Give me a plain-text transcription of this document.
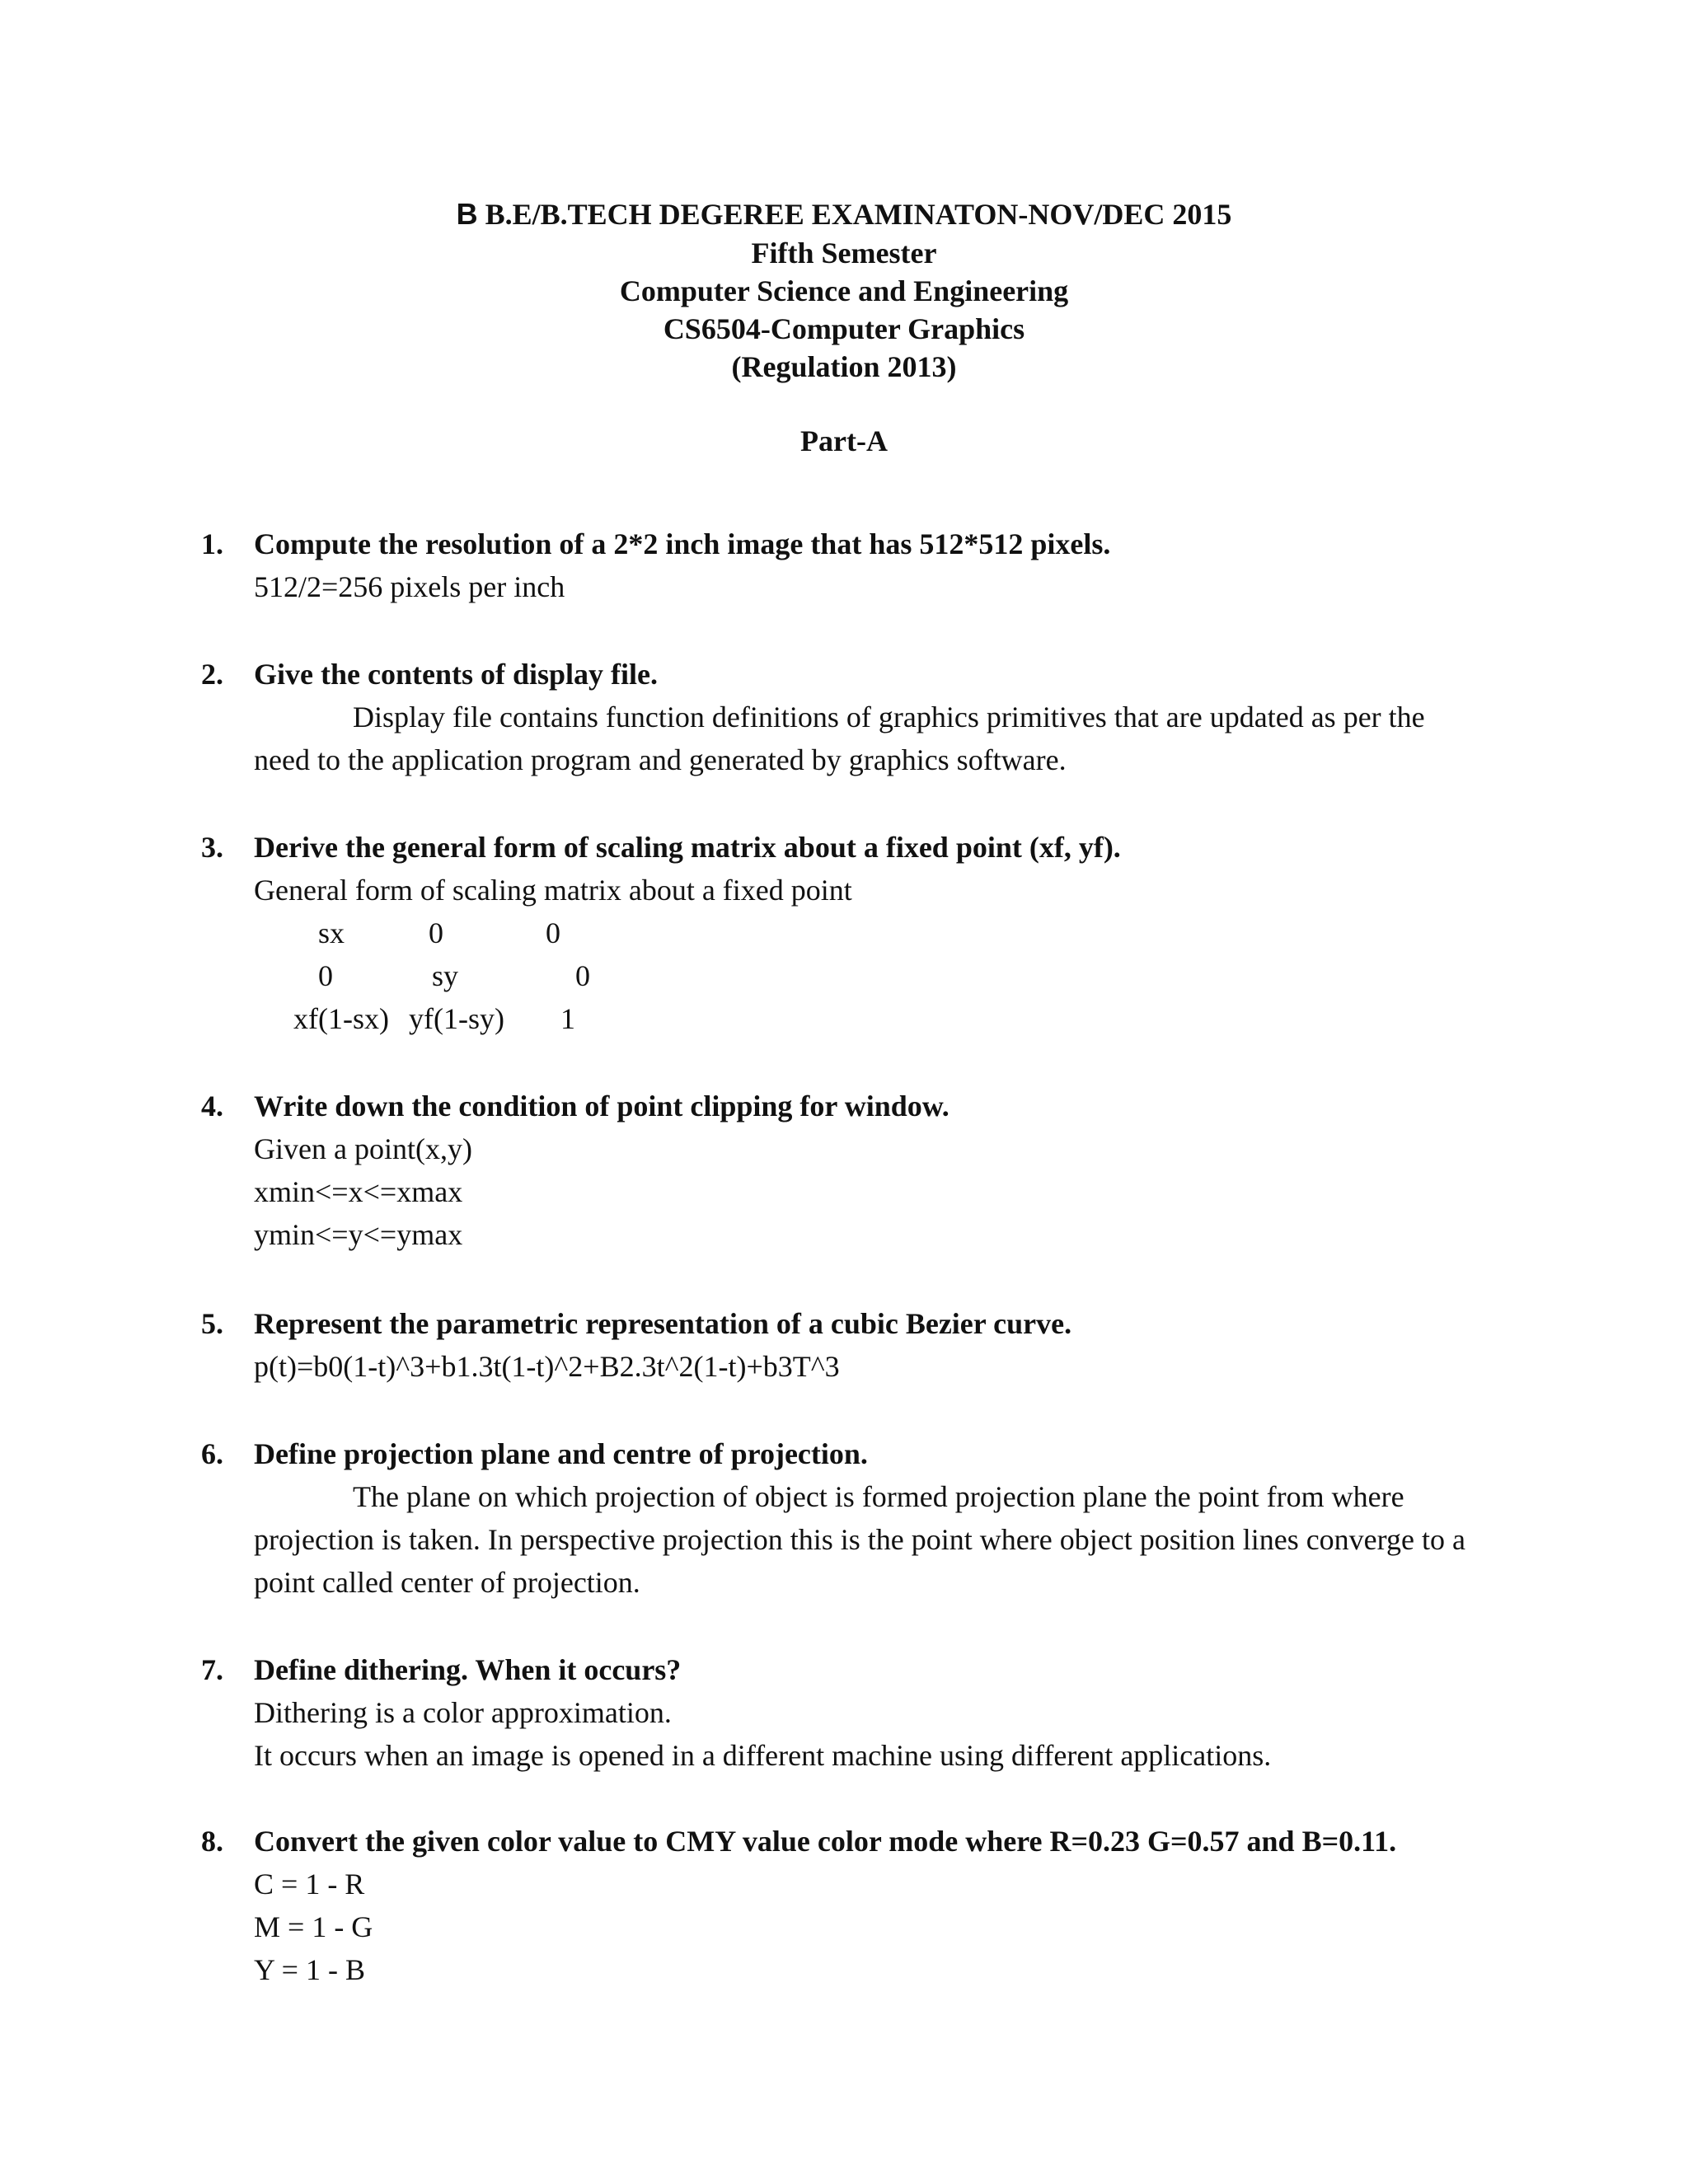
B B.E/B.TECH DEGEREE EXAMINATON-NOV/DEC 2015
Fifth Semester
Computer Science and Engineering
CS6504-Computer Graphics
(Regulation 2013)
Part-A
1. Compute the resolution of a 2*2 inch image that has 512*512 pixels.
512/2=256 pixels per inch
2. Give the contents of display file.
Display file contains function definitions of graphics primitives that are updated as per the
need to the application program and generated by graphics software.
3. Derive the general form of scaling matrix about a fixed point (xf, yf).
General form of scaling matrix about a fixed point
sx	0	0
0	sy	0
xf(1-sx) yf(1-sy) 1
4. Write down the condition of point clipping for window.
Given a point(x,y)
xmin<=x<=xmax
ymin<=y<=ymax
5. Represent the parametric representation of a cubic Bezier curve.
p(t)=b0(1-t)^3+b1.3t(1-t)^2+B2.3t^2(1-t)+b3T^3
6. Define projection plane and centre of projection.
The plane on which projection of object is formed projection plane the point from where
projection is taken. In perspective projection this is the point where object position lines converge to a
point called center of projection.
7. Define dithering. When it occurs?
Dithering is a color approximation.
It occurs when an image is opened in a different machine using different applications.
8. Convert the given color value to CMY value color mode where R=0.23 G=0.57 and B=0.11.
C = 1 - R
M = 1 - G
Y = 1 - B
